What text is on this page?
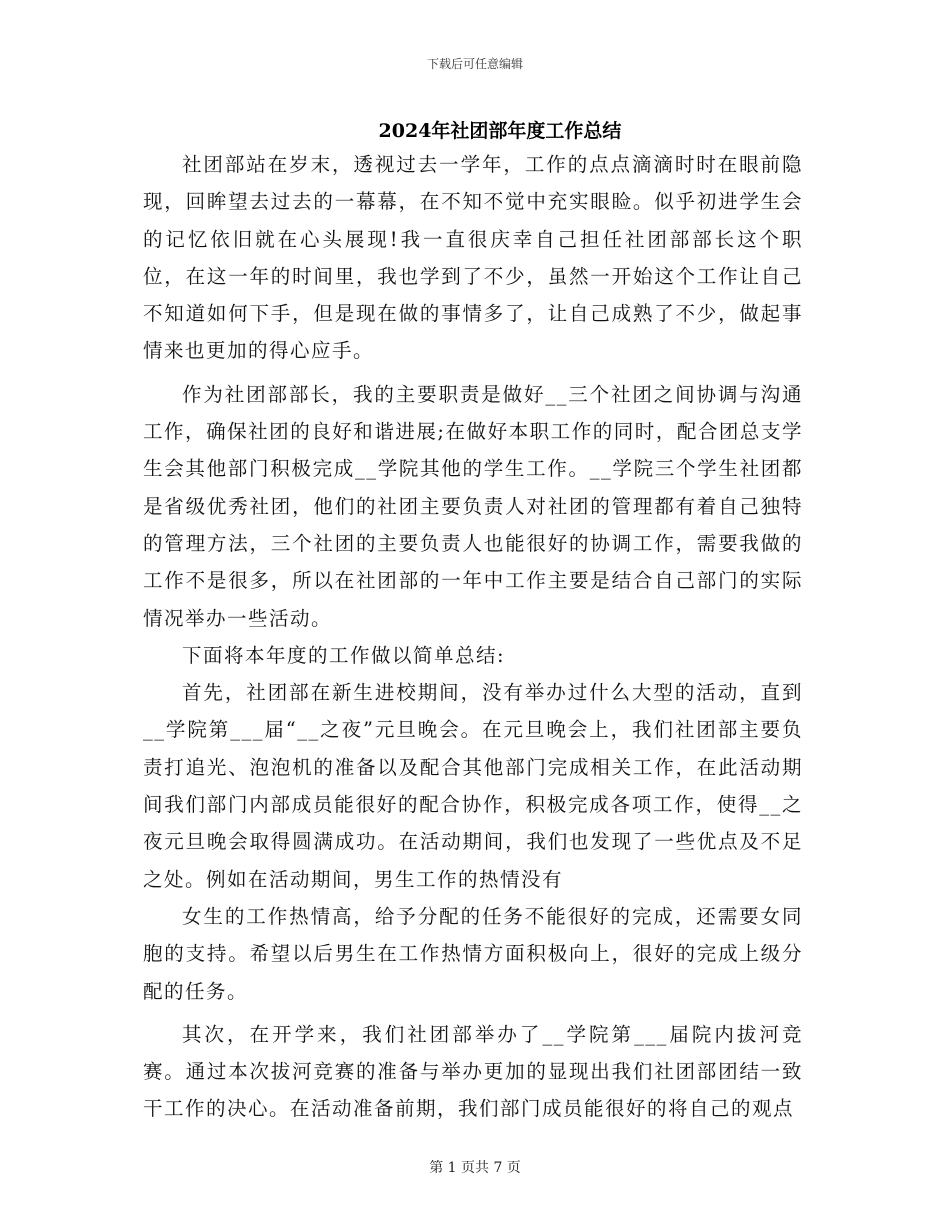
下载后可任意编辑
2024年社团部年度工作总结

社团部站在岁末，透视过去一学年，工作的点点滴滴时时在眼前隐现，回眸望去过去的一幕幕，在不知不觉中充实眼睑。似乎初进学生会的记忆依旧就在心头展现!我一直很庆幸自己担任社团部部长这个职位，在这一年的时间里，我也学到了不少，虽然一开始这个工作让自己不知道如何下手，但是现在做的事情多了，让自己成熟了不少，做起事情来也更加的得心应手。

作为社团部部长，我的主要职责是做好__三个社团之间协调与沟通工作，确保社团的良好和谐进展;在做好本职工作的同时，配合团总支学生会其他部门积极完成__学院其他的学生工作。__学院三个学生社团都是省级优秀社团，他们的社团主要负责人对社团的管理都有着自己独特的管理方法，三个社团的主要负责人也能很好的协调工作，需要我做的工作不是很多，所以在社团部的一年中工作主要是结合自己部门的实际情况举办一些活动。

下面将本年度的工作做以简单总结:

首先，社团部在新生进校期间，没有举办过什么大型的活动，直到__学院第___届“__之夜”元旦晚会。在元旦晚会上，我们社团部主要负责打追光、泡泡机的准备以及配合其他部门完成相关工作，在此活动期间我们部门内部成员能很好的配合协作，积极完成各项工作，使得__之夜元旦晚会取得圆满成功。在活动期间，我们也发现了一些优点及不足之处。例如在活动期间，男生工作的热情没有

女生的工作热情高，给予分配的任务不能很好的完成，还需要女同胞的支持。希望以后男生在工作热情方面积极向上，很好的完成上级分配的任务。

其次，在开学来，我们社团部举办了__学院第___届院内拔河竞赛。通过本次拔河竞赛的准备与举办更加的显现出我们社团部团结一致干工作的决心。在活动准备前期，我们部门成员能很好的将自己的观点

第 1 页共 7 页
